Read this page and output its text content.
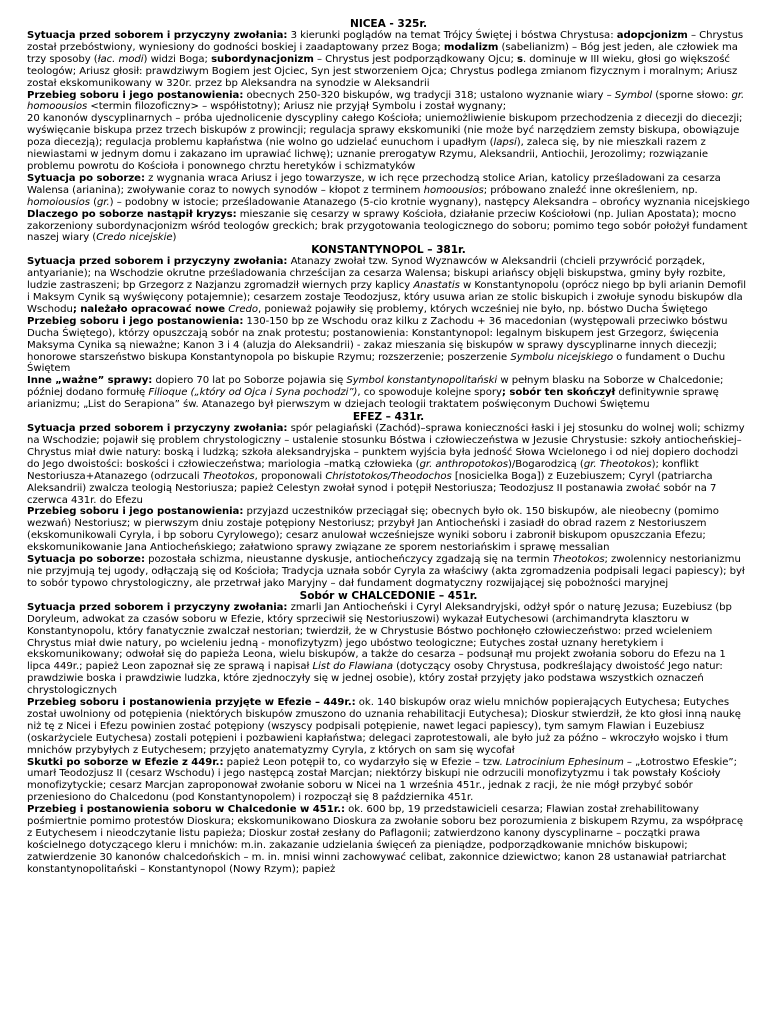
NICEA - 325r.
Sytuacja przed soborem i przyczyny zwołania: 3 kierunki poglądów na temat Trójcy Świętej i bóstwa Chrystusa: adopcjonizm – Chrystus został przebóstwiony, wyniesiony do godności boskiej i zaadaptowany przez Boga; modalizm (sabelianizm) – Bóg jest jeden, ale człowiek ma trzy sposoby (łac. modi) widzi Boga; subordynacjonizm – Chrystus jest podporządkowany Ojcu; s. dominuje w III wieku, głosi go większość teologów; Ariusz głosił: prawdziwym Bogiem jest Ojciec, Syn jest stworzeniem Ojca; Chrystus podlega zmianom fizycznym i moralnym; Ariusz został ekskomunikowany w 320r. przez bp Aleksandra na synodzie w Aleksandrii
Przebieg soboru i jego postanowienia: obecnych 250-320 biskupów, wg tradycji 318; ustalono wyznanie wiary – Symbol (sporne słowo: gr. homoousios <termin filozoficzny> – współistotny); Ariusz nie przyjął Symbolu i został wygnany;
20 kanonów dyscyplinarnych – próba ujednolicenie dyscypliny całego Kościoła; uniemożliwienie biskupom przechodzenia z diecezji do diecezji; wyświęcanie biskupa przez trzech biskupów z prowincji; regulacja sprawy ekskomuniki (nie może być narzędziem zemsty biskupa, obowiązuje poza diecezją); regulacja problemu kapłaństwa (nie wolno go udzielać eunuchom i upadłym (lapsi), zaleca się, by nie mieszkali razem z niewiastami w jednym domu i zakazano im uprawiać lichwę); uznanie prerogatyw Rzymu, Aleksandrii, Antiochii, Jerozolimy; rozwiązanie problemu powrotu do Kościoła i ponownego chrztu heretyków i schizmatyków
Sytuacja po soborze: z wygnania wraca Ariusz i jego towarzysze, w ich ręce przechodzą stolice Arian, katolicy prześladowani za cesarza Walensa (arianina); zwoływanie coraz to nowych synodów – kłopot z terminem homoousios; próbowano znaleźć inne określeniem, np. homoiousios (gr.) – podobny w istocie; prześladowanie Atanazego (5-cio krotnie wygnany), następcy Aleksandra – obrońcy wyznania nicejskiego
Dlaczego po soborze nastąpił kryzys: mieszanie się cesarzy w sprawy Kościoła, działanie przeciw Kościołowi (np. Julian Apostata); mocno zakorzeniony subordynacjonizm wśród teologów greckich; brak przygotowania teologicznego do soboru; pomimo tego sobór położył fundament naszej wiary (Credo nicejskie)
KONSTANTYNOPOL – 381r.
Sytuacja przed soborem i przyczyny zwołania: Atanazy zwołał tzw. Synod Wyznawców w Aleksandrii (chcieli przywrócić porządek, antyarianie); na Wschodzie okrutne prześladowania chrześcijan za cesarza Walensa; biskupi ariańscy objęli biskupstwa, gminy były rozbite, ludzie zastraszeni; bp Grzegorz z Nazjanzu zgromadził wiernych przy kaplicy Anastatis w Konstantynopolu (oprócz niego bp byli arianin Demofil i Maksym Cynik są wyświęcony potajemnie); cesarzem zostaje Teodozjusz, który usuwa arian ze stolic biskupich i zwołuje synodu biskupów dla Wschodu; należało opracować nowe Credo, ponieważ pojawiły się problemy, których wcześniej nie było, np. bóstwo Ducha Świętego
Przebieg soboru i jego postanowienia: 130-150 bp ze Wschodu oraz kilku z Zachodu + 36 macedonian (występowali przeciwko bóstwu Ducha Świętego), którzy opuszczają sobór na znak protestu; postanowienia: Konstantynopol: legalnym biskupem jest Grzegorz, święcenia Maksyma Cynika są nieważne; Kanon 3 i 4 (aluzja do Aleksandrii) - zakaz mieszania się biskupów w sprawy dyscyplinarne innych diecezji; honorowe starszeństwo biskupa Konstantynopola po biskupie Rzymu; rozszerzenie; poszerzenie Symbolu nicejskiego o fundament o Duchu Świętem
Inne „ważne” sprawy: dopiero 70 lat po Soborze pojawia się Symbol konstantynopolitański w pełnym blasku na Soborze w Chalcedonie; później dodano formułę Filioque („który od Ojca i Syna pochodzi”), co spowoduje kolejne spory; sobór ten skończył definitywnie sprawę arianizmu; „List do Serapiona” św. Atanazego był pierwszym w dziejach teologii traktatem poświęconym Duchowi Świętemu
EFEZ – 431r.
Sytuacja przed soborem i przyczyny zwołania: spór pelagiański (Zachód)–sprawa konieczności łaski i jej stosunku do wolnej woli; schizmy na Wschodzie; pojawił się problem chrystologiczny – ustalenie stosunku Bóstwa i człowieczeństwa w Jezusie Chrystusie: szkoły antiocheńskiej– Chrystus miał dwie natury: boską i ludzką; szkoła aleksandryjska – punktem wyjścia była jedność Słowa Wcielonego i od niej dopiero dochodzi do Jego dwoistości: boskości i człowieczeństwa; mariologia –matką człowieka (gr. anthropotokos)/Bogarodzicą (gr. Theotokos); konflikt Nestoriusza+Atanazego (odrzucali Theotokos, proponowali Christotokos/Theodochos [nosicielka Boga]) z Euzebiuszem; Cyryl (patriarcha Aleksandrii) zwalcza teologią Nestoriusza; papież Celestyn zwołał synod i potępił Nestoriusza; Teodozjusz II postanawia zwołać sobór na 7 czerwca 431r. do Efezu
Przebieg soboru i jego postanowienia: przyjazd uczestników przeciągał się; obecnych było ok. 150 biskupów, ale nieobecny (pomimo wezwań) Nestoriusz; w pierwszym dniu zostaje potępiony Nestoriusz; przybył Jan Antiocheński i zasiadł do obrad razem z Nestoriuszem (ekskomunikowali Cyryla, i bp soboru Cyrylowego); cesarz anulował wcześniejsze wyniki soboru i zabronił biskupom opuszczania Efezu; ekskomunikowanie Jana Antiocheńskiego; załatwiono sprawy związane ze sporem nestoriańskim i sprawę messalian
Sytuacja po soborze: pozostała schizma, nieustanne dyskusje, antiocheńczycy zgadzają się na termin Theotokos; zwolennicy nestorianizmu nie przyjmują tej ugody, odłączają się od Kościoła; Tradycja uznała sobór Cyryla za właściwy (akta zgromadzenia podpisali legaci papiescy); był to sobór typowo chrystologiczny, ale przetrwał jako Maryjny – dał fundament dogmatyczny rozwijającej się pobożności maryjnej
Sobór w CHALCEDONIE – 451r.
Sytuacja przed soborem i przyczyny zwołania: zmarli Jan Antiocheński i Cyryl Aleksandryjski, odżył spór o naturę Jezusa; Euzebiusz (bp Doryleum, adwokat za czasów soboru w Efezie, który sprzeciwił się Nestoriuszowi) wykazał Eutychesowi (archimandryta klasztoru w Konstantynopolu, który fanatycznie zwalczał nestorian; twierdził, że w Chrystusie Bóstwo pochłonęło człowieczeństwo: przed wcieleniem Chrystus miał dwie natury, po wcieleniu jedną - monofizytyzm) jego ubóstwo teologiczne; Eutyches został uznany heretykiem i ekskomunikowany; odwołał się do papieża Leona, wielu biskupów, a także do cesarza – podsunął mu projekt zwołania soboru do Efezu na 1 lipca 449r.; papież Leon zapoznał się ze sprawą i napisał List do Flawiana (dotyczący osoby Chrystusa, podkreślający dwoistość Jego natur: prawdziwie boska i prawdziwie ludzka, które zjednoczyły się w jednej osobie), który został przyjęty jako podstawa wszystkich oznaczeń chrystologicznych
Przebieg soboru i postanowienia przyjęte w Efezie – 449r.: ok. 140 biskupów oraz wielu mnichów popierających Eutychesa; Eutyches został uwolniony od potępienia (niektórych biskupów zmuszono do uznania rehabilitacji Eutychesa); Dioskur stwierdził, że kto głosi inną naukę niż tę z Nicei i Efezu powinien zostać potępiony (wszyscy podpisali potępienie, nawet legaci papiescy), tym samym Flawian i Euzebiusz (oskarżyciele Eutychesa) zostali potępieni i pozbawieni kapłaństwa; delegaci zaprotestowali, ale było już za późno – wkroczyło wojsko i tłum mnichów przybyłych z Eutychesem; przyjęto anatematyzmy Cyryla, z których on sam się wycofał
Skutki po soborze w Efezie z 449r.: papież Leon potępił to, co wydarzyło się w Efezie – tzw. Latrocinium Ephesinum – „Łotrostwo Efeskie”; umarł Teodozjusz II (cesarz Wschodu) i jego następcą został Marcjan; niektórzy biskupi nie odrzucili monofizytyzmu i tak powstały Kościoły monofizytyckie; cesarz Marcjan zaproponował zwołanie soboru w Nicei na 1 września 451r., jednak z racji, że nie mógł przybyć sobór przeniesiono do Chalcedonu (pod Konstantynopolem) i rozpoczął się 8 października 451r.
Przebieg i postanowienia soboru w Chalcedonie w 451r.: ok. 600 bp, 19 przedstawicieli cesarza; Flawian został zrehabilitowany pośmiertnie pomimo protestów Dioskura; ekskomunikowano Dioskura za zwołanie soboru bez porozumienia z biskupem Rzymu, za współpracę z Eutychesem i nieodczytanie listu papieża; Dioskur został zesłany do Paflagonii; zatwierdzono kanony dyscyplinarne – początki prawa kościelnego dotyczącego kleru i mnichów: m.in. zakazanie udzielania święceń za pieniądze, podporządkowanie mnichów biskupowi; zatwierdzenie 30 kanonów chalcedońskich – m. in. mnisi winni zachowywać celibat, zakonnice dziewictwo; kanon 28 ustanawiał patriarchat konstantynopolitański – Konstantynopol (Nowy Rzym); papież
